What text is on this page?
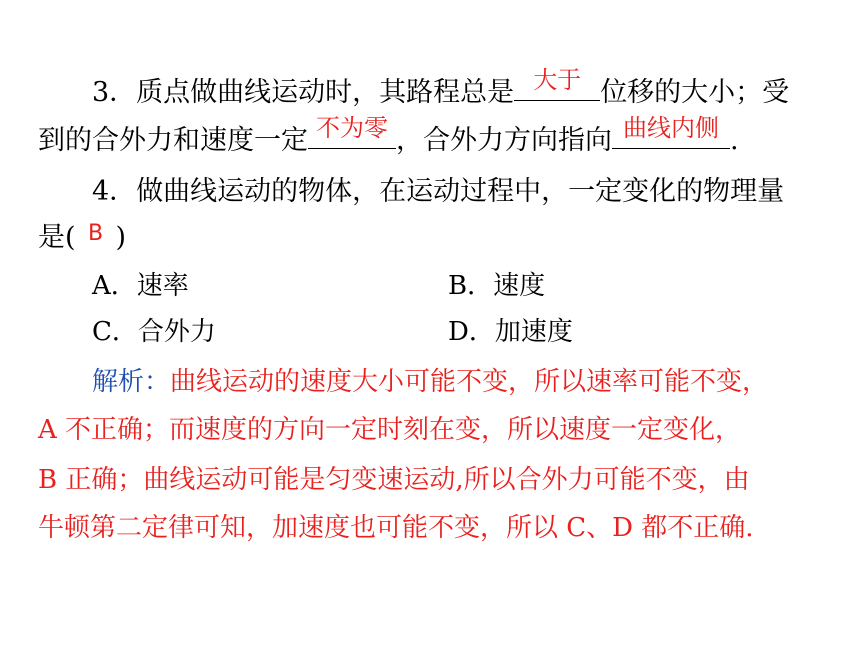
3．质点做曲线运动时，其路程总是 大于 位移的大小；受
到的合外力和速度一定 不为零 ，合外力方向指向 曲线内侧 .
4．做曲线运动的物体，在运动过程中，一定变化的物理量
是( B )
A．速率	B．速度
C．合外力	D．加速度
解析：曲线运动的速度大小可能不变，所以速率可能不变，
A 不正确；而速度的方向一定时刻在变，所以速度一定变化，
B 正确；曲线运动可能是匀变速运动,所以合外力可能不变，由
牛顿第二定律可知，加速度也可能不变，所以 C、D 都不正确.
